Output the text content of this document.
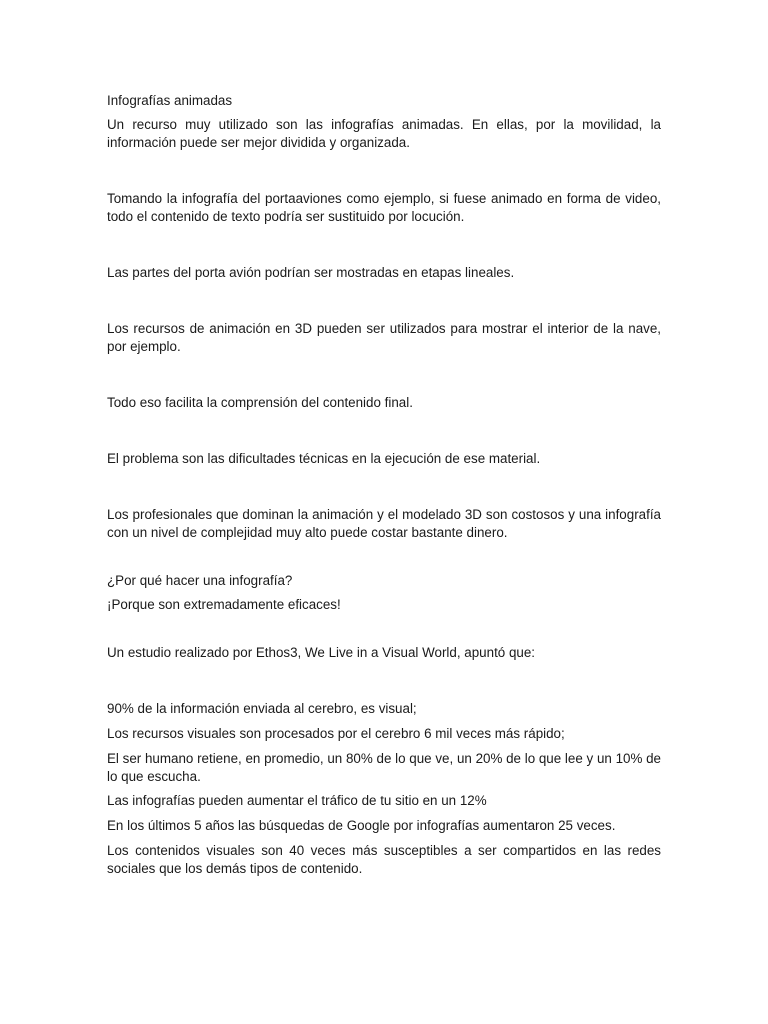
Infografías animadas

Un recurso muy utilizado son las infografías animadas. En ellas, por la movilidad, la información puede ser mejor dividida y organizada.

Tomando la infografía del portaaviones como ejemplo, si fuese animado en forma de video, todo el contenido de texto podría ser sustituido por locución.

Las partes del porta avión podrían ser mostradas en etapas lineales.

Los recursos de animación en 3D pueden ser utilizados para mostrar el interior de la nave, por ejemplo.

Todo eso facilita la comprensión del contenido final.

El problema son las dificultades técnicas en la ejecución de ese material.

Los profesionales que dominan la animación y el modelado 3D son costosos y una infografía con un nivel de complejidad muy alto puede costar bastante dinero.

¿Por qué hacer una infografía?

¡Porque son extremadamente eficaces!

Un estudio realizado por Ethos3, We Live in a Visual World, apuntó que:

90% de la información enviada al cerebro, es visual;

Los recursos visuales son procesados por el cerebro 6 mil veces más rápido;

El ser humano retiene, en promedio, un 80% de lo que ve, un 20% de lo que lee y un 10% de lo que escucha.

Las infografías pueden aumentar el tráfico de tu sitio en un 12%

En los últimos 5 años las búsquedas de Google por infografías aumentaron 25 veces.

Los contenidos visuales son 40 veces más susceptibles a ser compartidos en las redes sociales que los demás tipos de contenido.
